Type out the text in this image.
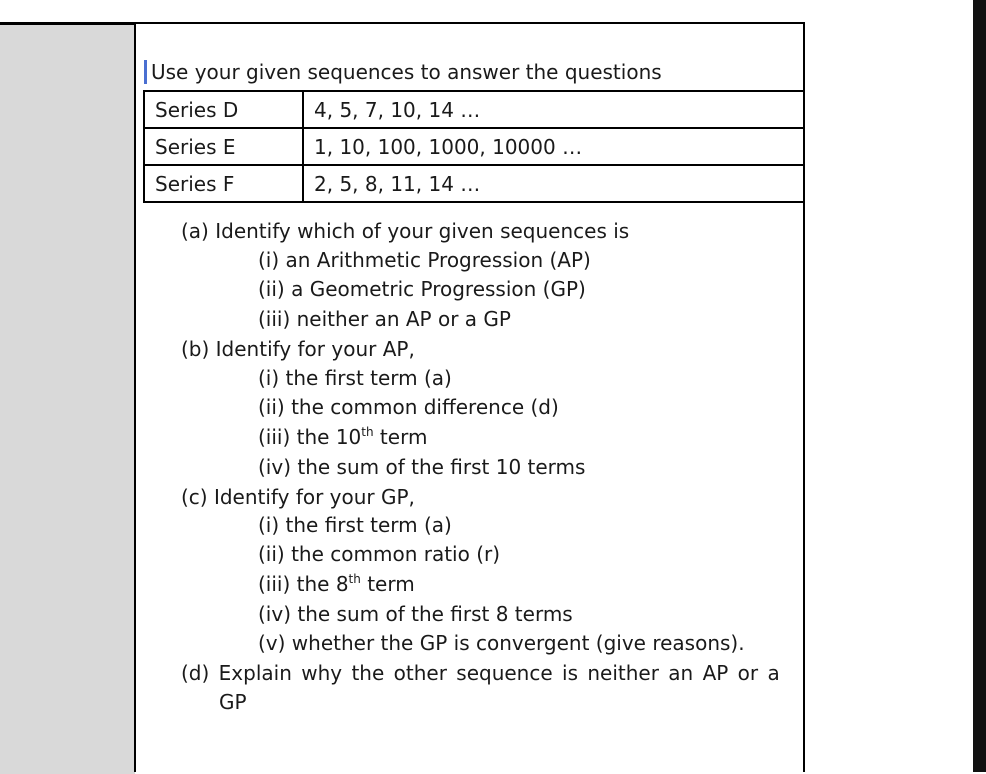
Use your given sequences to answer the questions
Series D	4, 5, 7, 10, 14 …
Series E	1, 10, 100, 1000, 10000 …
Series F	2, 5, 8, 11, 14 …
(a) Identify which of your given sequences is
(i) an Arithmetic Progression (AP)
(ii) a Geometric Progression (GP)
(iii) neither an AP or a GP
(b) Identify for your AP,
(i) the first term (a)
(ii) the common difference (d)
(iii) the 10th term
(iv) the sum of the first 10 terms
(c) Identify for your GP,
(i) the first term (a)
(ii) the common ratio (r)
(iii) the 8th term
(iv) the sum of the first 8 terms
(v) whether the GP is convergent (give reasons).
(d) Explain why the other sequence is neither an AP or a
GP
